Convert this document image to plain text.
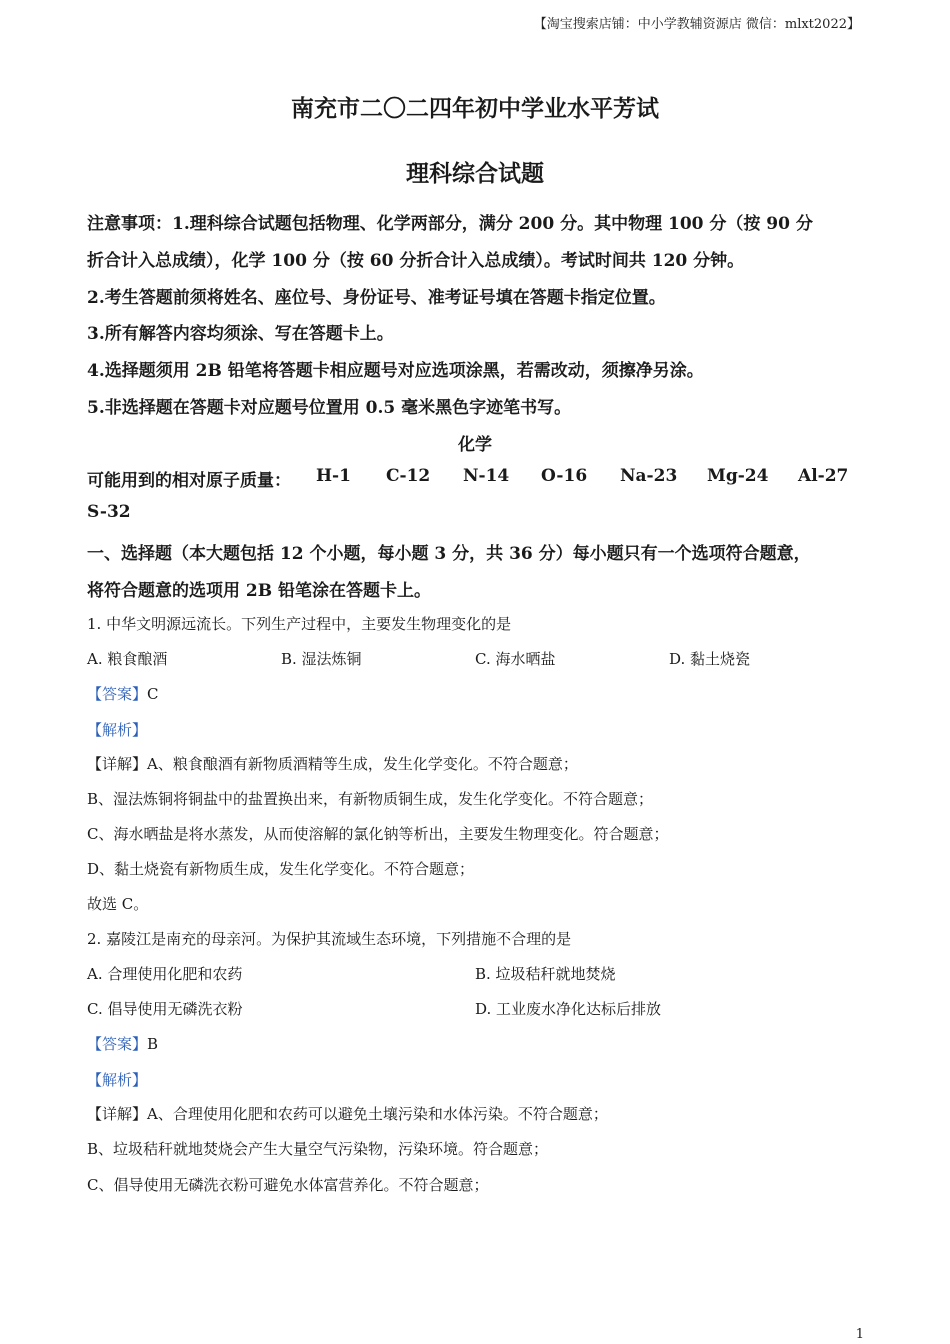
【淘宝搜索店铺：中小学教辅资源店 微信：mlxt2022】
南充市二〇二四年初中学业水平芳试
理科综合试题
注意事项：1.理科综合试题包括物理、化学两部分，满分 200 分。其中物理 100 分（按 90 分
折合计入总成绩），化学 100 分（按 60 分折合计入总成绩）。考试时间共 120 分钟。
2.考生答题前须将姓名、座位号、身份证号、准考证号填在答题卡指定位置。
3.所有解答内容均须涂、写在答题卡上。
4.选择题须用 2B 铅笔将答题卡相应题号对应选项涂黑，若需改动，须擦净另涂。
5.非选择题在答题卡对应题号位置用 0.5 毫米黑色字迹笔书写。
化学
可能用到的相对原子质量： H-1 C-12 N-14 O-16 Na-23 Mg-24 Al-27
S-32
一、选择题（本大题包括 12 个小题，每小题 3 分，共 36 分）每小题只有一个选项符合题意，
将符合题意的选项用 2B 铅笔涂在答题卡上。
1. 中华文明源远流长。下列生产过程中，主要发生物理变化的是
A. 粮食酿酒	B. 湿法炼铜	C. 海水晒盐	D. 黏土烧瓷
【答案】C
【解析】
【详解】A、粮食酿酒有新物质酒精等生成，发生化学变化。不符合题意；
B、湿法炼铜将铜盐中的盐置换出来，有新物质铜生成，发生化学变化。不符合题意；
C、海水晒盐是将水蒸发，从而使溶解的氯化钠等析出，主要发生物理变化。符合题意；
D、黏土烧瓷有新物质生成，发生化学变化。不符合题意；
故选 C。
2. 嘉陵江是南充的母亲河。为保护其流域生态环境，下列措施不合理的是
A. 合理使用化肥和农药	B. 垃圾秸秆就地焚烧
C. 倡导使用无磷洗衣粉	D. 工业废水净化达标后排放
【答案】B
【解析】
【详解】A、合理使用化肥和农药可以避免土壤污染和水体污染。不符合题意；
B、垃圾秸秆就地焚烧会产生大量空气污染物，污染环境。符合题意；
C、倡导使用无磷洗衣粉可避免水体富营养化。不符合题意；
1
